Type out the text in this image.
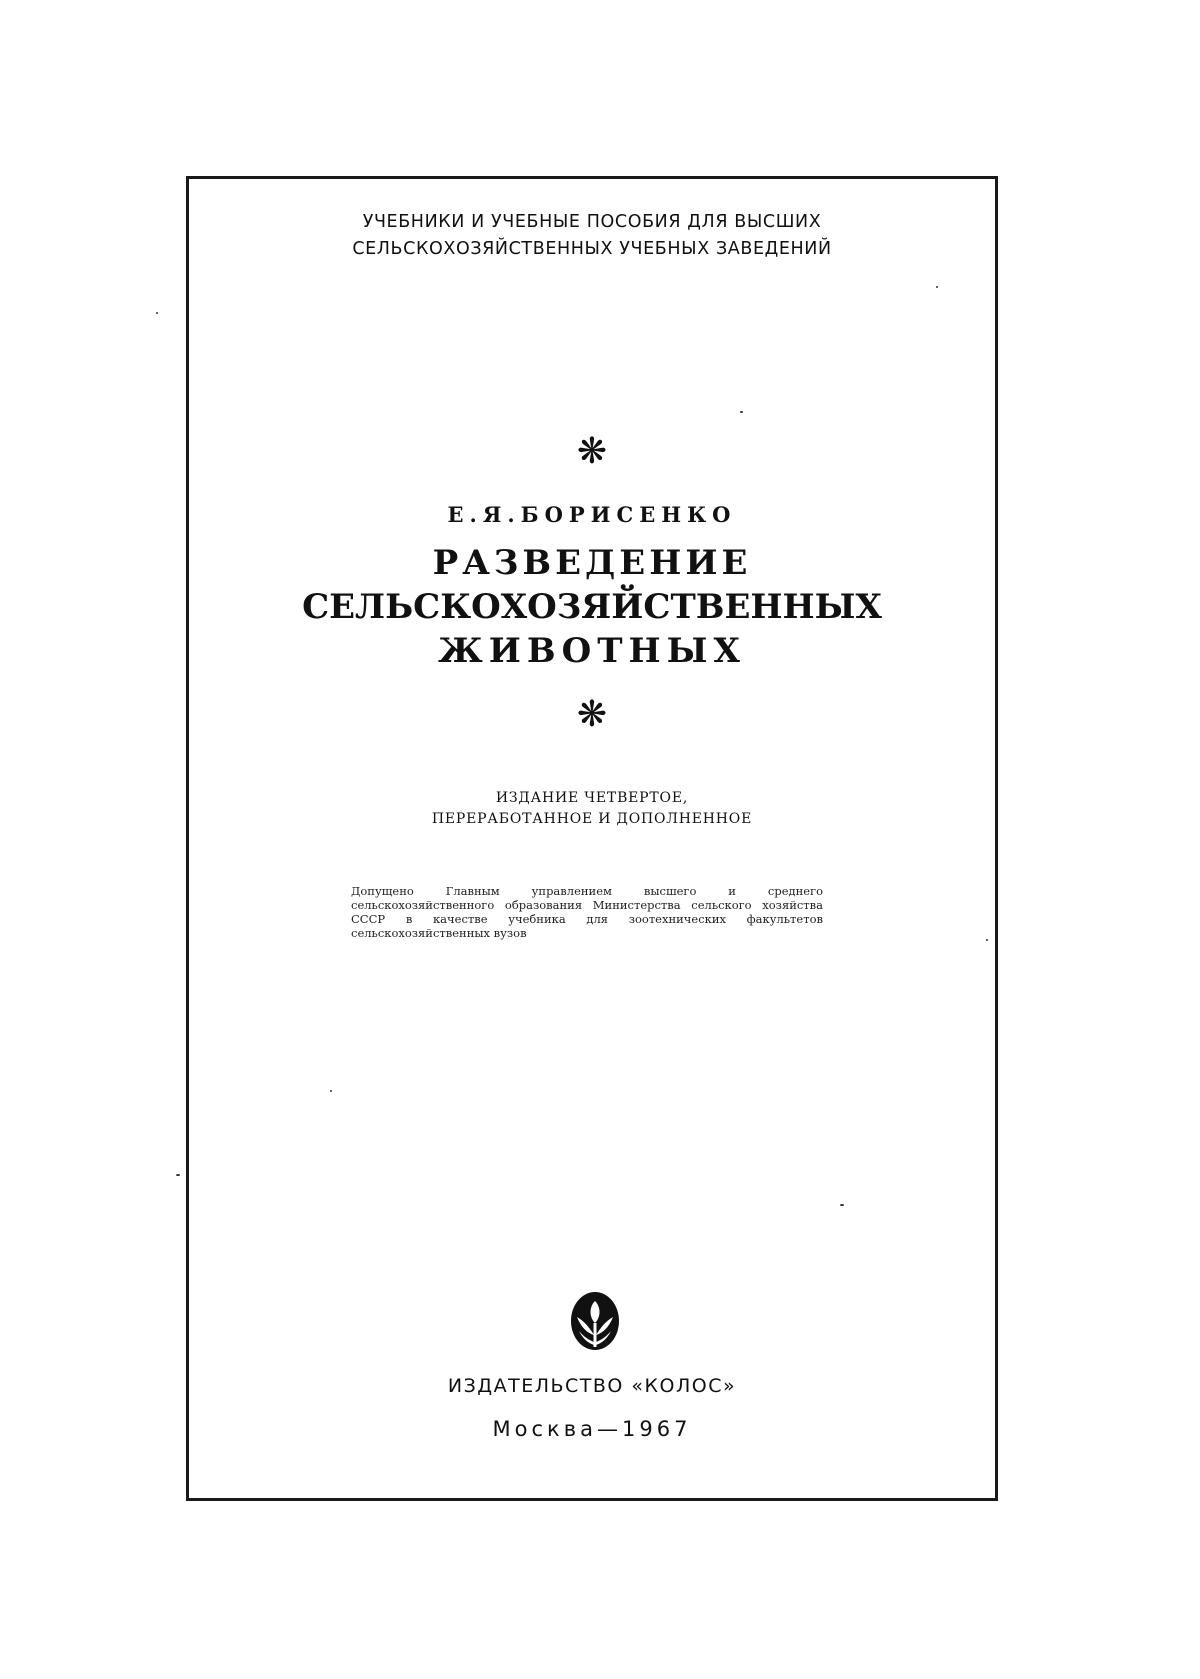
УЧЕБНИКИ И УЧЕБНЫЕ ПОСОБИЯ ДЛЯ ВЫСШИХ
СЕЛЬСКОХОЗЯЙСТВЕННЫХ УЧЕБНЫХ ЗАВЕДЕНИЙ
❋
Е.Я.БОРИСЕНКО
РАЗВЕДЕНИЕ
СЕЛЬСКОХОЗЯЙСТВЕННЫХ
ЖИВОТНЫХ
❋
ИЗДАНИЕ ЧЕТВЕРТОЕ,
ПЕРЕРАБОТАННОЕ И ДОПОЛНЕННОЕ
Допущено Главным управлением высшего и среднего сельскохозяйственного образования Министерства сельского хозяйства СССР в качестве учебника для зоотехнических факультетов сельскохозяйственных вузов
ИЗДАТЕЛЬСТВО «КОЛОС»
Москва—1967
